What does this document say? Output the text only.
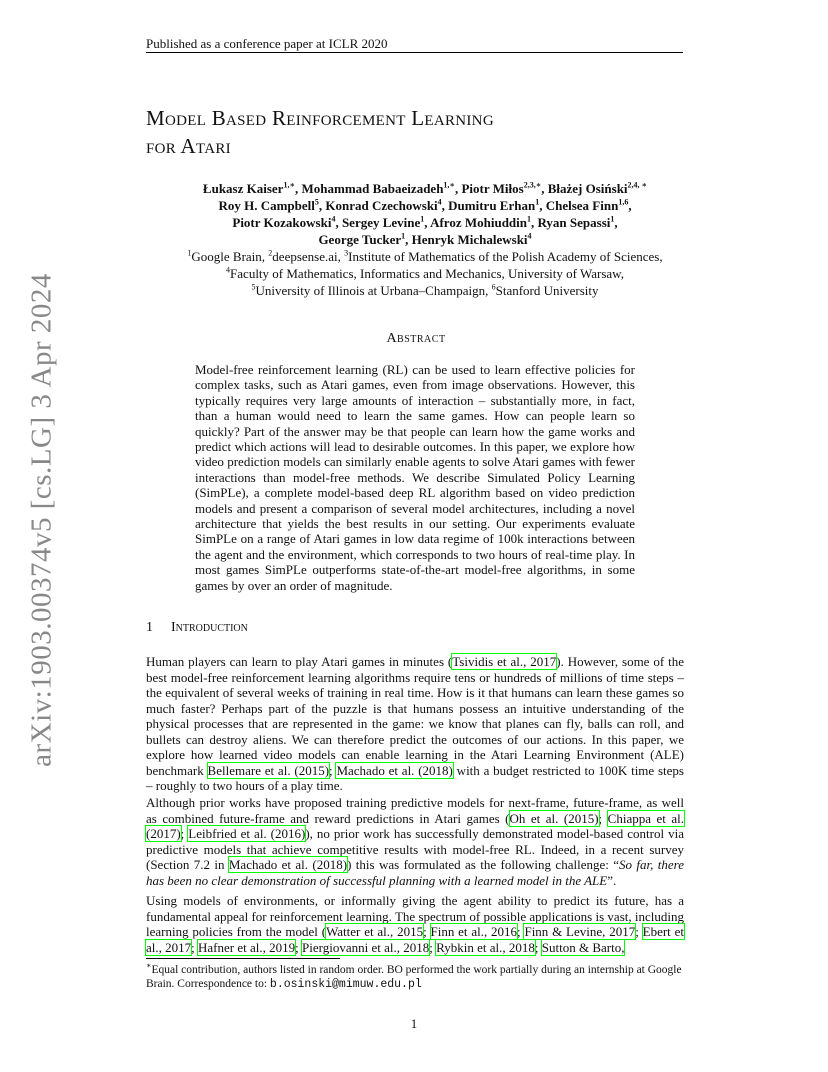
Published as a conference paper at ICLR 2020
arXiv:1903.00374v5 [cs.LG] 3 Apr 2024
Model Based Reinforcement Learning
for Atari
Łukasz Kaiser$^{1,∗}$, Mohammad Babaeizadeh$^{1,∗}$, Piotr Miłos$^{2,3,∗}$, Błażej Osiński$^{2,4, ∗}$
Roy H. Campbell$^5$, Konrad Czechowski$^4$, Dumitru Erhan$^1$, Chelsea Finn$^{1,6}$,
Piotr Kozakowski$^4$, Sergey Levine$^1$, Afroz Mohiuddin$^1$, Ryan Sepassi$^1$,
George Tucker$^1$, Henryk Michalewski$^4$
$^1$Google Brain, $^2$deepsense.ai, $^3$Institute of Mathematics of the Polish Academy of Sciences,
$^4$Faculty of Mathematics, Informatics and Mechanics, University of Warsaw,
$^5$University of Illinois at Urbana–Champaign, $^6$Stanford University
Abstract
Model-free reinforcement learning (RL) can be used to learn effective policies for complex tasks, such as Atari games, even from image observations. However, this typically requires very large amounts of interaction – substantially more, in fact, than a human would need to learn the same games. How can people learn so quickly? Part of the answer may be that people can learn how the game works and predict which actions will lead to desirable outcomes. In this paper, we explore how video prediction models can similarly enable agents to solve Atari games with fewer interactions than model-free methods. We describe Simulated Policy Learning (SimPLe), a complete model-based deep RL algorithm based on video prediction models and present a comparison of several model architectures, including a novel architecture that yields the best results in our setting. Our experiments evaluate SimPLe on a range of Atari games in low data regime of 100k interactions between the agent and the environment, which corresponds to two hours of real-time play. In most games SimPLe outperforms state-of-the-art model-free algorithms, in some games by over an order of magnitude.
1 Introduction
Human players can learn to play Atari games in minutes (Tsividis et al., 2017). However, some of the best model-free reinforcement learning algorithms require tens or hundreds of millions of time steps – the equivalent of several weeks of training in real time. How is it that humans can learn these games so much faster? Perhaps part of the puzzle is that humans possess an intuitive understanding of the physical processes that are represented in the game: we know that planes can fly, balls can roll, and bullets can destroy aliens. We can therefore predict the outcomes of our actions. In this paper, we explore how learned video models can enable learning in the Atari Learning Environment (ALE) benchmark Bellemare et al. (2015); Machado et al. (2018) with a budget restricted to 100K time steps – roughly to two hours of a play time.
Although prior works have proposed training predictive models for next-frame, future-frame, as well as combined future-frame and reward predictions in Atari games (Oh et al. (2015); Chiappa et al. (2017); Leibfried et al. (2016)), no prior work has successfully demonstrated model-based control via predictive models that achieve competitive results with model-free RL. Indeed, in a recent survey (Section 7.2 in Machado et al. (2018)) this was formulated as the following challenge: “So far, there has been no clear demonstration of successful planning with a learned model in the ALE”.
Using models of environments, or informally giving the agent ability to predict its future, has a fundamental appeal for reinforcement learning. The spectrum of possible applications is vast, including learning policies from the model (Watter et al., 2015; Finn et al., 2016; Finn & Levine, 2017; Ebert et al., 2017; Hafner et al., 2019; Piergiovanni et al., 2018; Rybkin et al., 2018; Sutton & Barto,
∗Equal contribution, authors listed in random order. BO performed the work partially during an internship at Google Brain. Correspondence to: b.osinski@mimuw.edu.pl
1
